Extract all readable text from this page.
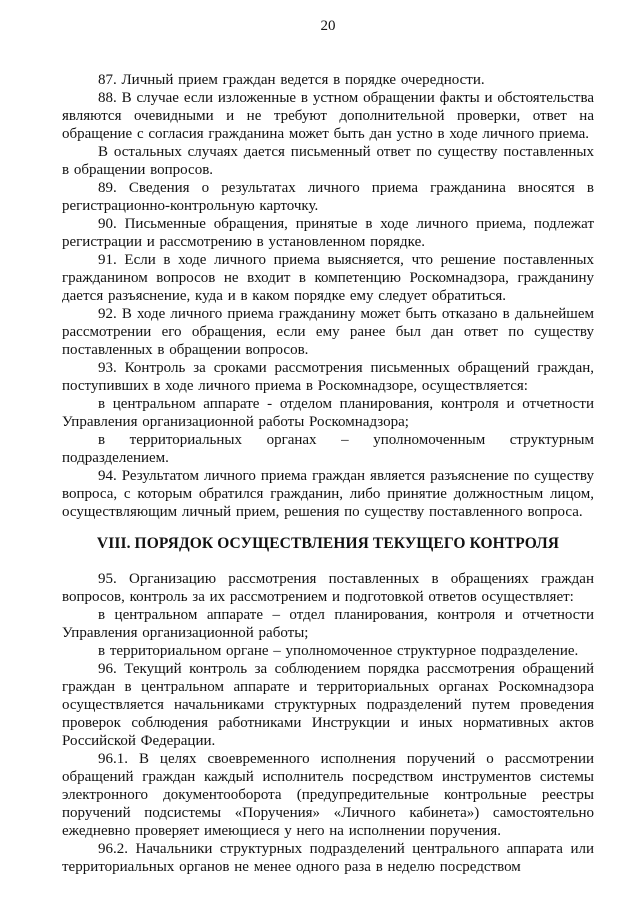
20

87. Личный прием граждан ведется в порядке очередности.

88. В случае если изложенные в устном обращении факты и обстоятельства являются очевидными и не требуют дополнительной проверки, ответ на обращение с согласия гражданина может быть дан устно в ходе личного приема.

В остальных случаях дается письменный ответ по существу поставленных в обращении вопросов.

89. Сведения о результатах личного приема гражданина вносятся в регистрационно-контрольную карточку.

90. Письменные обращения, принятые в ходе личного приема, подлежат регистрации и рассмотрению в установленном порядке.

91. Если в ходе личного приема выясняется, что решение поставленных гражданином вопросов не входит в компетенцию Роскомнадзора, гражданину дается разъяснение, куда и в каком порядке ему следует обратиться.

92. В ходе личного приема гражданину может быть отказано в дальнейшем рассмотрении его обращения, если ему ранее был дан ответ по существу поставленных в обращении вопросов.

93. Контроль за сроками рассмотрения письменных обращений граждан, поступивших в ходе личного приема в Роскомнадзоре, осуществляется:

в центральном аппарате - отделом планирования, контроля и отчетности Управления организационной работы Роскомнадзора;

в территориальных органах – уполномоченным структурным подразделением.

94. Результатом личного приема граждан является разъяснение по существу вопроса, с которым обратился гражданин, либо принятие должностным лицом, осуществляющим личный прием, решения по существу поставленного вопроса.

VIII. ПОРЯДОК ОСУЩЕСТВЛЕНИЯ ТЕКУЩЕГО КОНТРОЛЯ

95. Организацию рассмотрения поставленных в обращениях граждан вопросов, контроль за их рассмотрением и подготовкой ответов осуществляет:

в центральном аппарате – отдел планирования, контроля и отчетности Управления организационной работы;

в территориальном органе – уполномоченное структурное подразделение.

96. Текущий контроль за соблюдением порядка рассмотрения обращений граждан в центральном аппарате и территориальных органах Роскомнадзора осуществляется начальниками структурных подразделений путем проведения проверок соблюдения работниками Инструкции и иных нормативных актов Российской Федерации.

96.1. В целях своевременного исполнения поручений о рассмотрении обращений граждан каждый исполнитель посредством инструментов системы электронного документооборота (предупредительные контрольные реестры поручений подсистемы «Поручения» «Личного кабинета») самостоятельно ежедневно проверяет имеющиеся у него на исполнении поручения.

96.2. Начальники структурных подразделений центрального аппарата или территориальных органов не менее одного раза в неделю посредством
